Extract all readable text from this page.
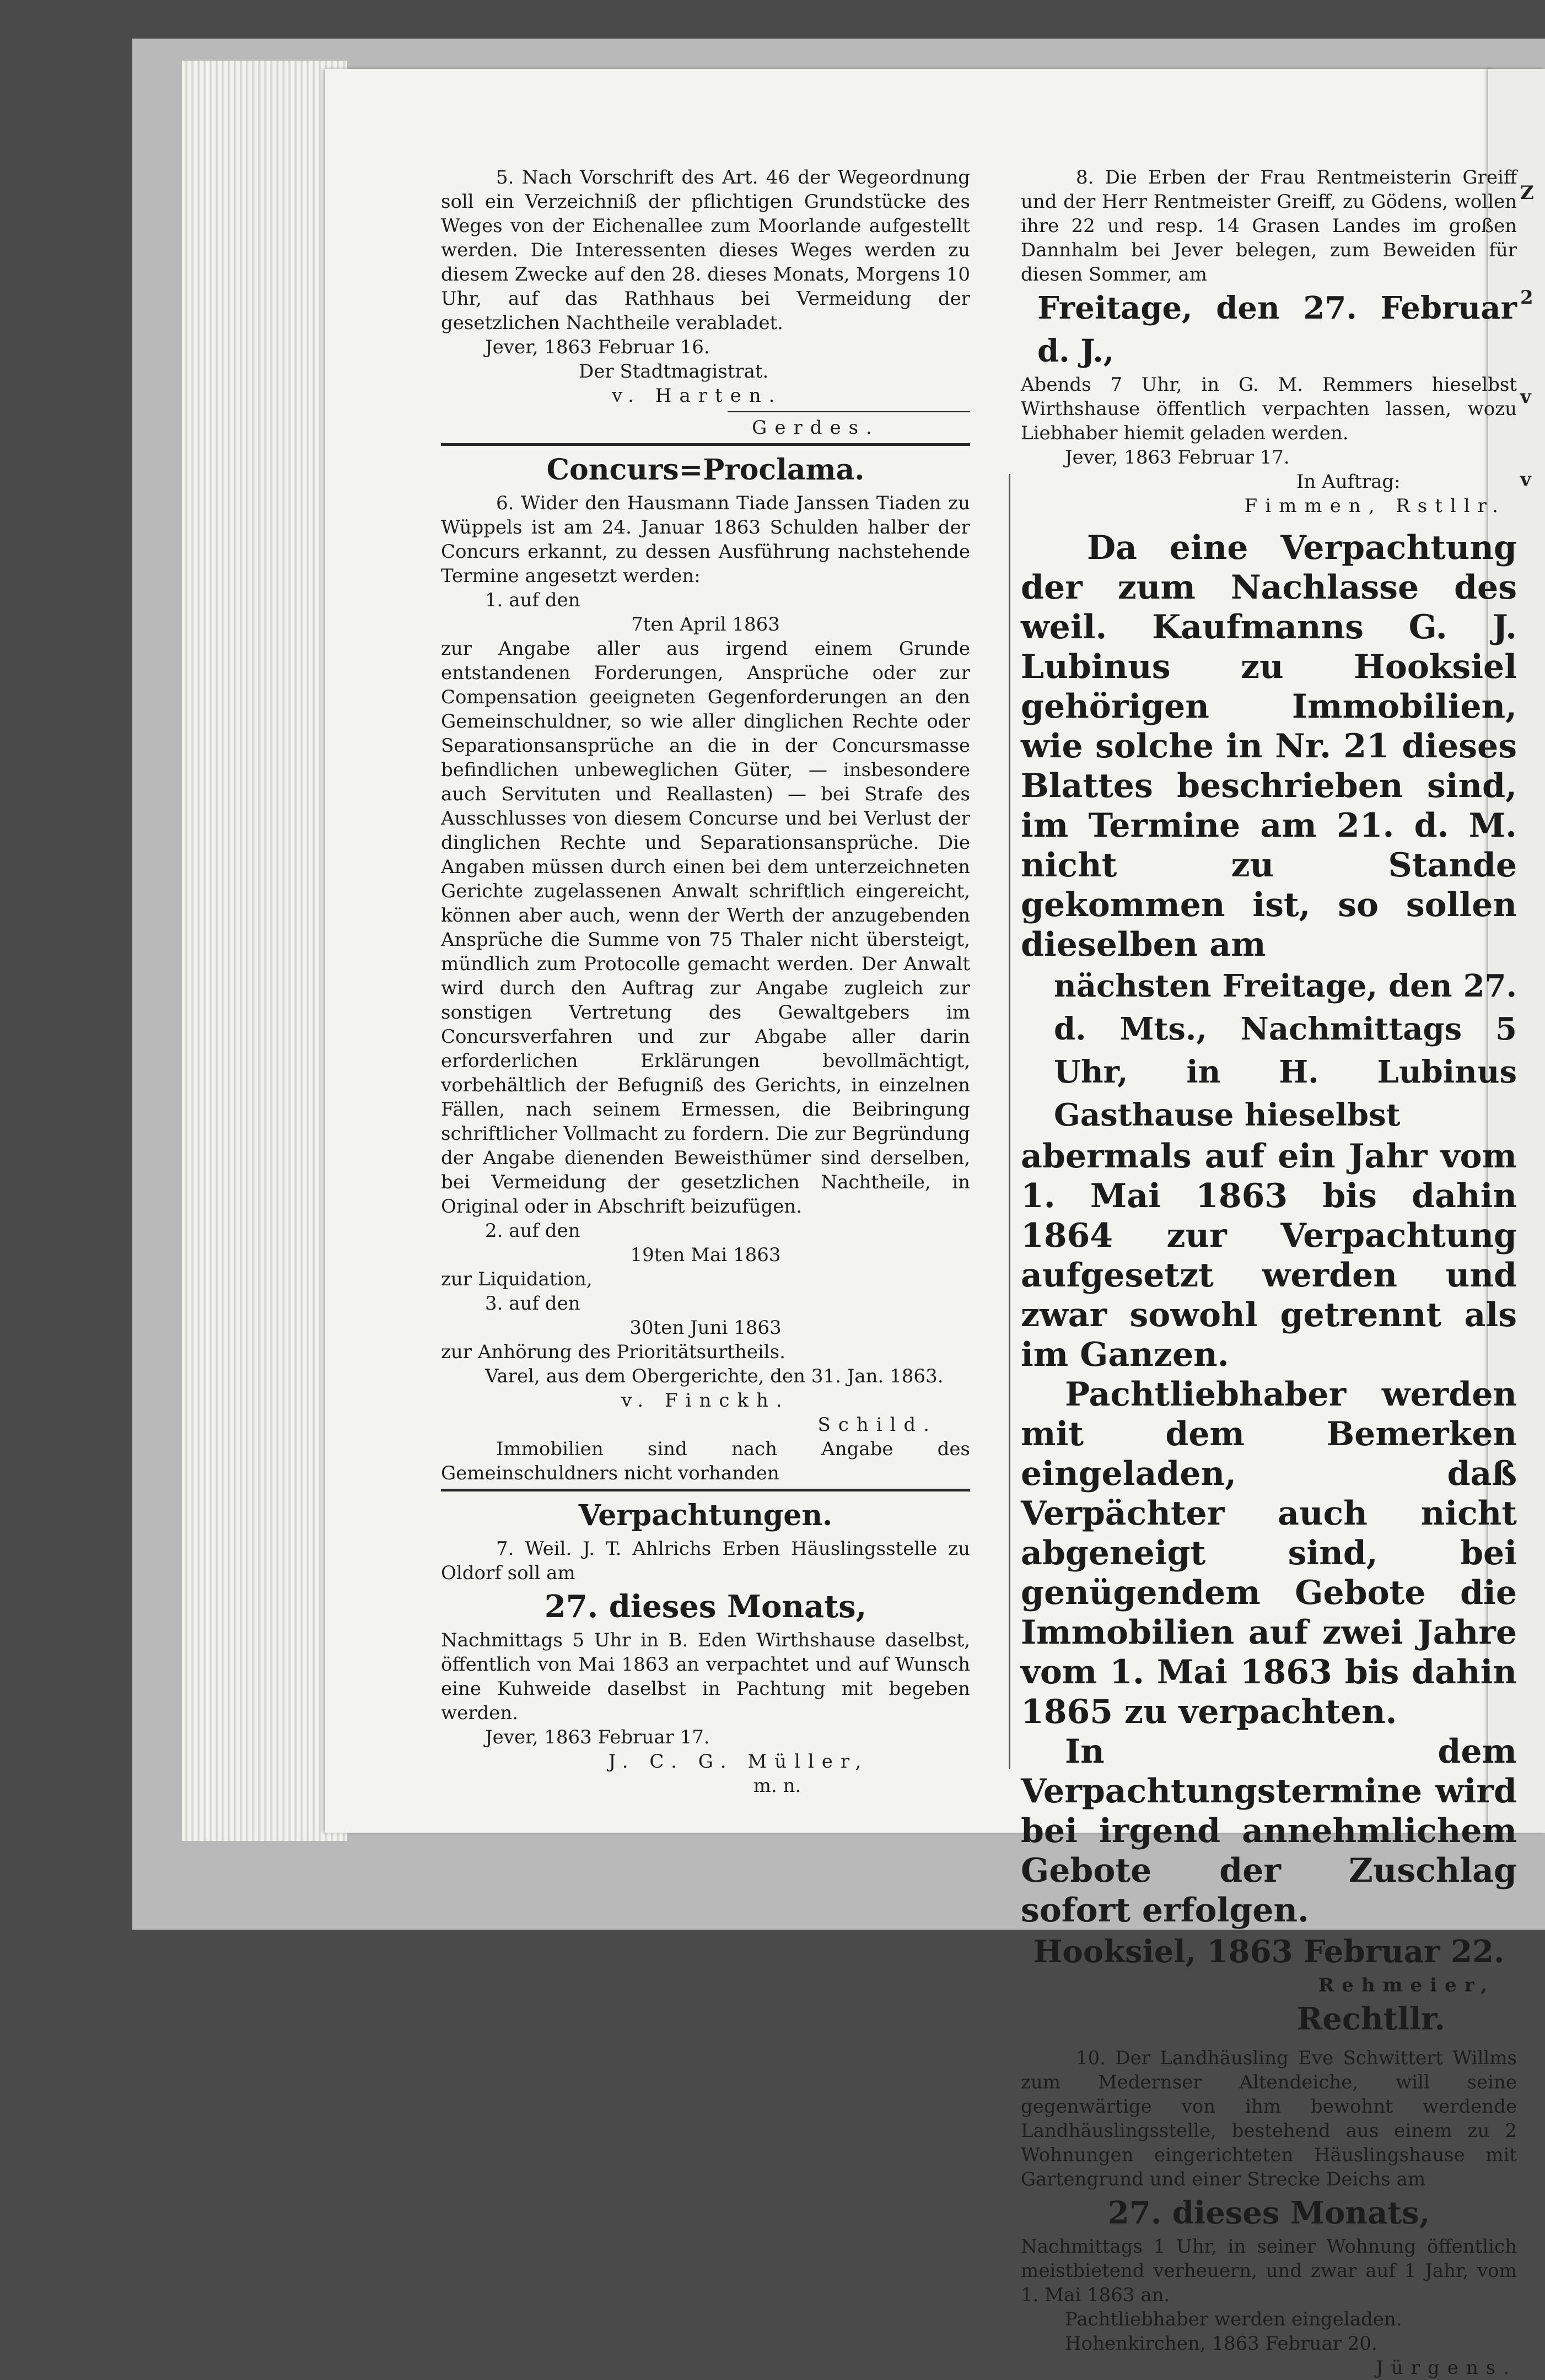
Z
2
v
v

5. Nach Vorschrift des Art. 46 der Wegeordnung soll ein Verzeichniß der pflichtigen Grundstücke des Weges von der Eichenallee zum Moorlande aufgestellt werden. Die Interessenten dieses Weges werden zu diesem Zwecke auf den 28. dieses Monats, Morgens 10 Uhr, auf das Rathhaus bei Vermeidung der gesetzlichen Nachtheile verabladet.

Jever, 1863 Februar 16.

Der Stadtmagistrat.

v. Harten.

Gerdes.

Concurs=Proclama.

6. Wider den Hausmann Tiade Janssen Tiaden zu Wüppels ist am 24. Januar 1863 Schulden halber der Concurs erkannt, zu dessen Ausführung nachstehende Termine angesetzt werden:

1. auf den

7ten April 1863

zur Angabe aller aus irgend einem Grunde entstandenen Forderungen, Ansprüche oder zur Compensation geeigneten Gegenforderungen an den Gemeinschuldner, so wie aller dinglichen Rechte oder Separationsansprüche an die in der Concursmasse befindlichen unbeweglichen Güter, — insbesondere auch Servituten und Reallasten) — bei Strafe des Ausschlusses von diesem Concurse und bei Verlust der dinglichen Rechte und Separationsansprüche. Die Angaben müssen durch einen bei dem unterzeichneten Gerichte zugelassenen Anwalt schriftlich eingereicht, können aber auch, wenn der Werth der anzugebenden Ansprüche die Summe von 75 Thaler nicht übersteigt, mündlich zum Protocolle gemacht werden. Der Anwalt wird durch den Auftrag zur Angabe zugleich zur sonstigen Vertretung des Gewaltgebers im Concursverfahren und zur Abgabe aller darin erforderlichen Erklärungen bevollmächtigt, vorbehältlich der Befugniß des Gerichts, in einzelnen Fällen, nach seinem Ermessen, die Beibringung schriftlicher Vollmacht zu fordern. Die zur Begründung der Angabe dienenden Beweisthümer sind derselben, bei Vermeidung der gesetzlichen Nachtheile, in Original oder in Abschrift beizufügen.

2. auf den

19ten Mai 1863

zur Liquidation,

3. auf den

30ten Juni 1863

zur Anhörung des Prioritätsurtheils.

Varel, aus dem Obergerichte, den 31. Jan. 1863.

v. Finckh.

Schild.

Immobilien sind nach Angabe des Gemeinschuldners nicht vorhanden

Verpachtungen.

7. Weil. J. T. Ahlrichs Erben Häuslingsstelle zu Oldorf soll am

27. dieses Monats,

Nachmittags 5 Uhr in B. Eden Wirthshause daselbst, öffentlich von Mai 1863 an verpachtet und auf Wunsch eine Kuhweide daselbst in Pachtung mit begeben werden.

Jever, 1863 Februar 17.

J. C. G. Müller,

m. n.

8. Die Erben der Frau Rentmeisterin Greiff und der Herr Rentmeister Greiff, zu Gödens, wollen ihre 22 und resp. 14 Grasen Landes im großen Dannhalm bei Jever belegen, zum Beweiden für diesen Sommer, am

Freitage, den 27. Februar d. J.,

Abends 7 Uhr, in G. M. Remmers hieselbst Wirthshause öffentlich verpachten lassen, wozu Liebhaber hiemit geladen werden.

Jever, 1863 Februar 17.

In Auftrag:

Fimmen, Rstllr.

Da eine Verpachtung der zum Nachlasse des weil. Kaufmanns G. J. Lubinus zu Hooksiel gehörigen Immobilien, wie solche in Nr. 21 dieses Blattes beschrieben sind, im Termine am 21. d. M. nicht zu Stande gekommen ist, so sollen dieselben am

nächsten Freitage, den 27. d. Mts., Nachmittags 5 Uhr, in H. Lubinus Gasthause hieselbst

abermals auf ein Jahr vom 1. Mai 1863 bis dahin 1864 zur Verpachtung aufgesetzt werden und zwar sowohl getrennt als im Ganzen.

Pachtliebhaber werden mit dem Bemerken eingeladen, daß Verpächter auch nicht abgeneigt sind, bei genügendem Gebote die Immobilien auf zwei Jahre vom 1. Mai 1863 bis dahin 1865 zu verpachten.

In dem Verpachtungstermine wird bei irgend annehmlichem Gebote der Zuschlag sofort erfolgen.

Hooksiel, 1863 Februar 22.

Rehmeier,

Rechtllr.

10. Der Landhäusling Eve Schwittert Willms zum Medernser Altendeiche, will seine gegenwärtige von ihm bewohnt werdende Landhäuslingsstelle, bestehend aus einem zu 2 Wohnungen eingerichteten Häuslingshause mit Gartengrund und einer Strecke Deichs am

27. dieses Monats,

Nachmittags 1 Uhr, in seiner Wohnung öffentlich meistbietend verheuern, und zwar auf 1 Jahr, vom 1. Mai 1863 an.

Pachtliebhaber werden eingeladen.

Hohenkirchen, 1863 Februar 20.

Jürgens.
